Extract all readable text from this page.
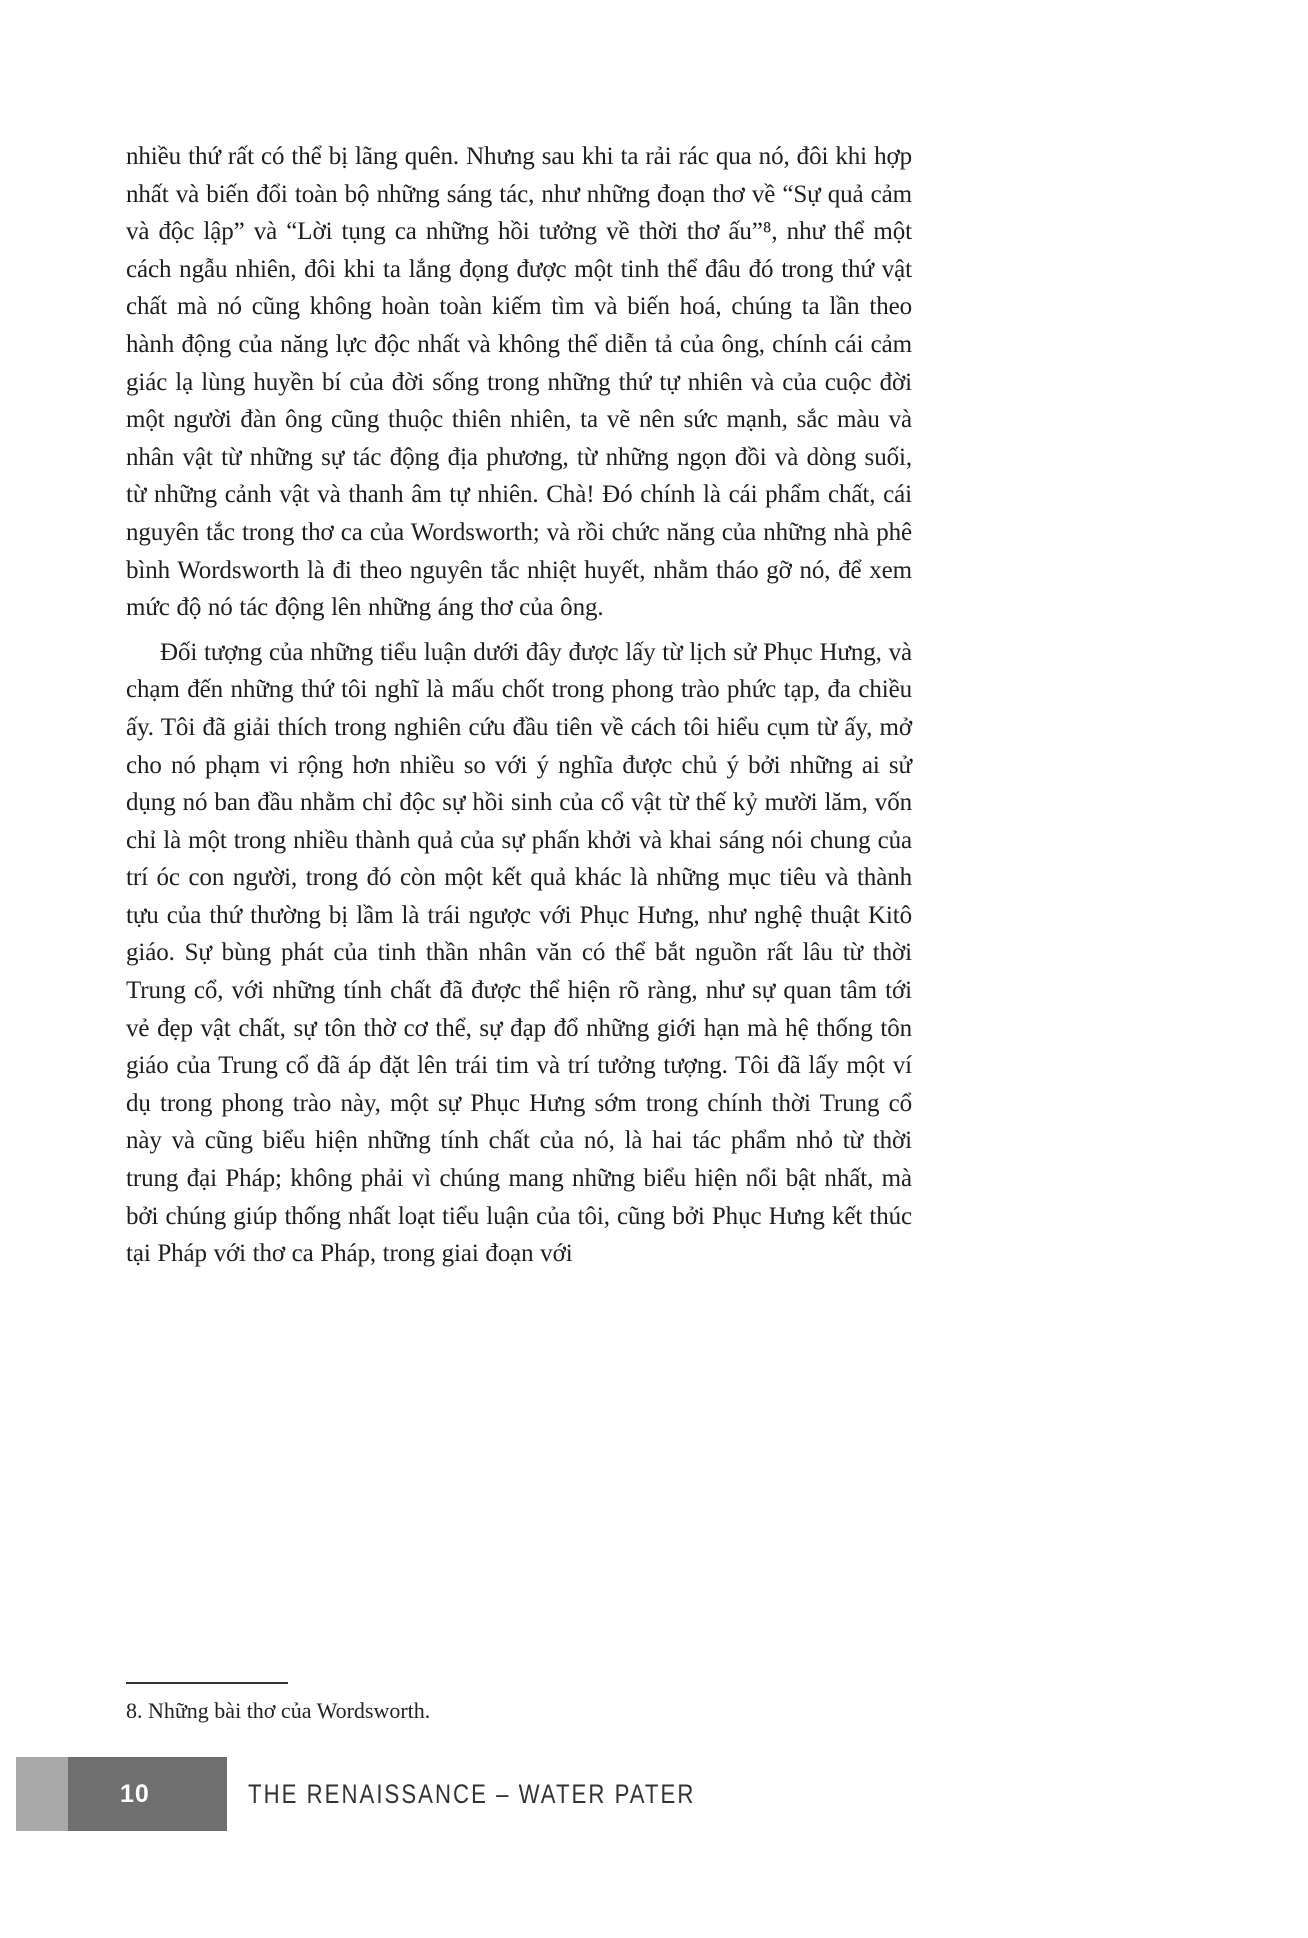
nhiều thứ rất có thể bị lãng quên. Nhưng sau khi ta rải rác qua nó, đôi khi hợp nhất và biến đổi toàn bộ những sáng tác, như những đoạn thơ về “Sự quả cảm và độc lập” và “Lời tụng ca những hồi tưởng về thời thơ ấu”⁸, như thể một cách ngẫu nhiên, đôi khi ta lắng đọng được một tinh thể đâu đó trong thứ vật chất mà nó cũng không hoàn toàn kiếm tìm và biến hoá, chúng ta lần theo hành động của năng lực độc nhất và không thể diễn tả của ông, chính cái cảm giác lạ lùng huyền bí của đời sống trong những thứ tự nhiên và của cuộc đời một người đàn ông cũng thuộc thiên nhiên, ta vẽ nên sức mạnh, sắc màu và nhân vật từ những sự tác động địa phương, từ những ngọn đồi và dòng suối, từ những cảnh vật và thanh âm tự nhiên. Chà! Đó chính là cái phẩm chất, cái nguyên tắc trong thơ ca của Wordsworth; và rồi chức năng của những nhà phê bình Wordsworth là đi theo nguyên tắc nhiệt huyết, nhằm tháo gỡ nó, để xem mức độ nó tác động lên những áng thơ của ông.

Đối tượng của những tiểu luận dưới đây được lấy từ lịch sử Phục Hưng, và chạm đến những thứ tôi nghĩ là mấu chốt trong phong trào phức tạp, đa chiều ấy. Tôi đã giải thích trong nghiên cứu đầu tiên về cách tôi hiểu cụm từ ấy, mở cho nó phạm vi rộng hơn nhiều so với ý nghĩa được chủ ý bởi những ai sử dụng nó ban đầu nhằm chỉ độc sự hồi sinh của cổ vật từ thế kỷ mười lăm, vốn chỉ là một trong nhiều thành quả của sự phấn khởi và khai sáng nói chung của trí óc con người, trong đó còn một kết quả khác là những mục tiêu và thành tựu của thứ thường bị lầm là trái ngược với Phục Hưng, như nghệ thuật Kitô giáo. Sự bùng phát của tinh thần nhân văn có thể bắt nguồn rất lâu từ thời Trung cổ, với những tính chất đã được thể hiện rõ ràng, như sự quan tâm tới vẻ đẹp vật chất, sự tôn thờ cơ thể, sự đạp đổ những giới hạn mà hệ thống tôn giáo của Trung cổ đã áp đặt lên trái tim và trí tưởng tượng. Tôi đã lấy một ví dụ trong phong trào này, một sự Phục Hưng sớm trong chính thời Trung cổ này và cũng biểu hiện những tính chất của nó, là hai tác phẩm nhỏ từ thời trung đại Pháp; không phải vì chúng mang những biểu hiện nổi bật nhất, mà bởi chúng giúp thống nhất loạt tiểu luận của tôi, cũng bởi Phục Hưng kết thúc tại Pháp với thơ ca Pháp, trong giai đoạn với

8. Những bài thơ của Wordsworth.
10	THE RENAISSANCE – WATER PATER
